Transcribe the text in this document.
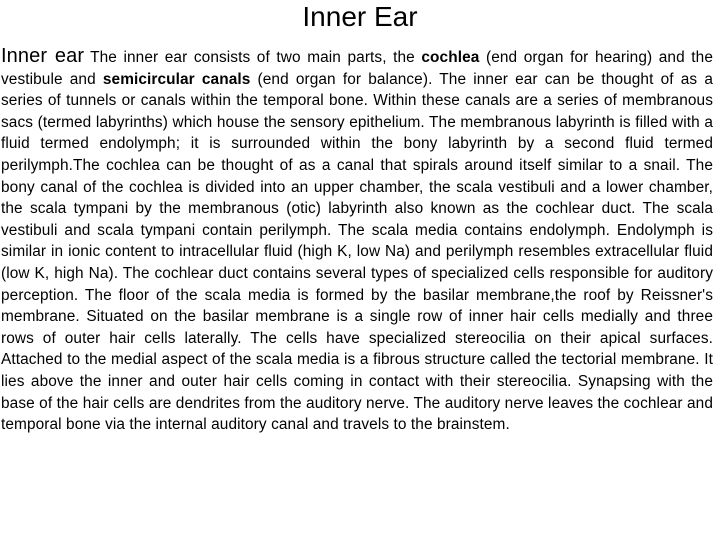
Inner Ear

Inner ear The inner ear consists of two main parts, the cochlea (end organ for hearing) and the vestibule and semicircular canals (end organ for balance). The inner ear can be thought of as a series of tunnels or canals within the temporal bone. Within these canals are a series of membranous sacs (termed labyrinths) which house the sensory epithelium. The membranous labyrinth is filled with a fluid termed endolymph; it is surrounded within the bony labyrinth by a second fluid termed perilymph.The cochlea can be thought of as a canal that spirals around itself similar to a snail. The bony canal of the cochlea is divided into an upper chamber, the scala vestibuli and a lower chamber, the scala tympani by the membranous (otic) labyrinth also known as the cochlear duct. The scala vestibuli and scala tympani contain perilymph. The scala media contains endolymph. Endolymph is similar in ionic content to intracellular fluid (high K, low Na) and perilymph resembles extracellular fluid (low K, high Na). The cochlear duct contains several types of specialized cells responsible for auditory perception. The floor of the scala media is formed by the basilar membrane,the roof by Reissner's membrane. Situated on the basilar membrane is a single row of inner hair cells medially and three rows of outer hair cells laterally. The cells have specialized stereocilia on their apical surfaces. Attached to the medial aspect of the scala media is a fibrous structure called the tectorial membrane. It lies above the inner and outer hair cells coming in contact with their stereocilia. Synapsing with the base of the hair cells are dendrites from the auditory nerve. The auditory nerve leaves the cochlear and temporal bone via the internal auditory canal and travels to the brainstem.
